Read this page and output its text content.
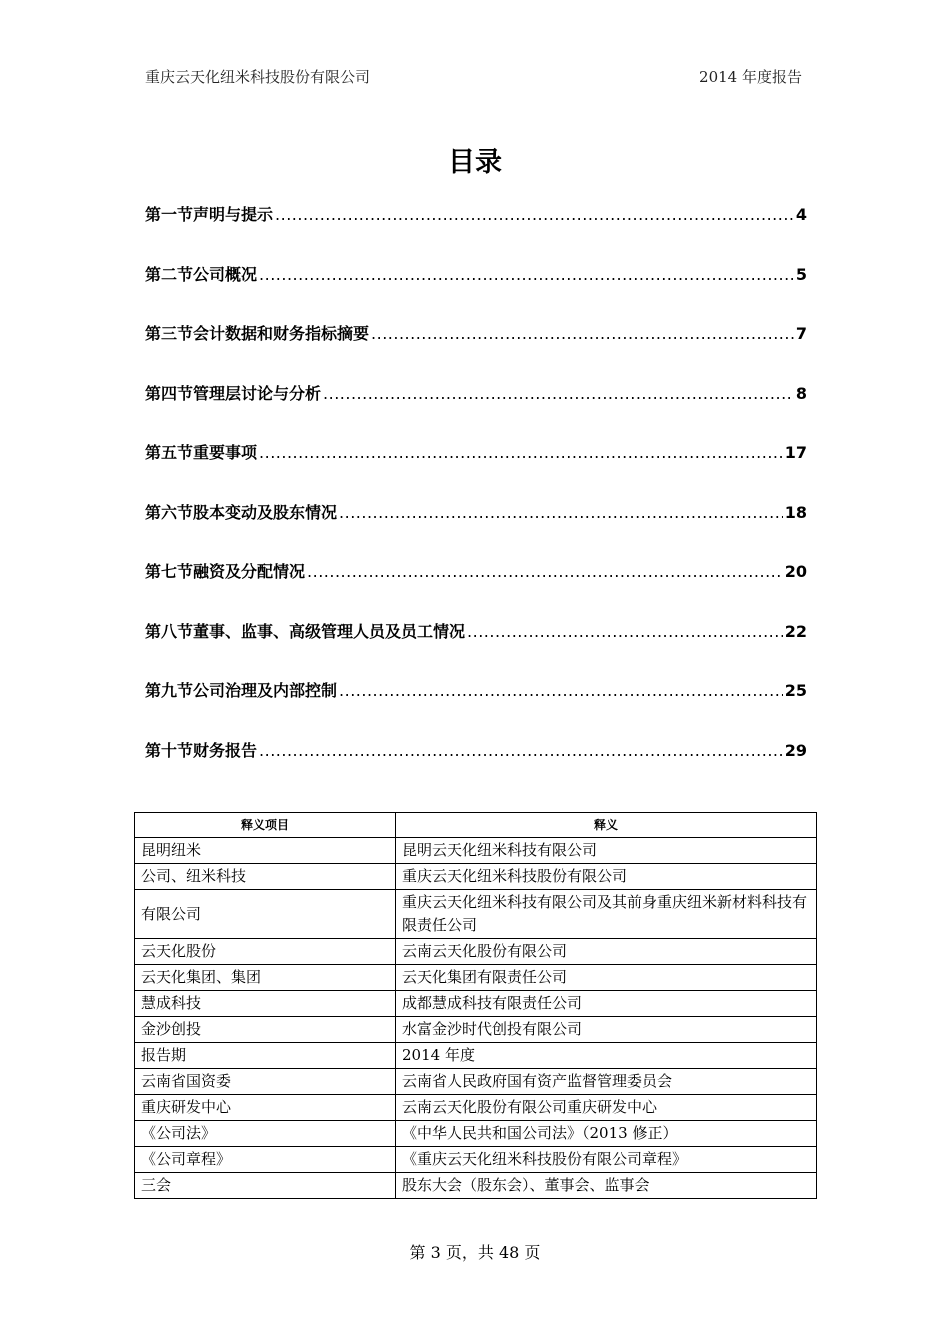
重庆云天化纽米科技股份有限公司	2014 年度报告
目录
第一节声明与提示 .....	4
第二节公司概况 .....	5
第三节会计数据和财务指标摘要 .....	7
第四节管理层讨论与分析 .....	8
第五节重要事项 .....	17
第六节股本变动及股东情况 .....	18
第七节融资及分配情况 .....	20
第八节董事、监事、高级管理人员及员工情况 .....	22
第九节公司治理及内部控制 .....	25
第十节财务报告 .....	29
释义项目	释义
昆明纽米	昆明云天化纽米科技有限公司
公司、纽米科技	重庆云天化纽米科技股份有限公司
有限公司	重庆云天化纽米科技有限公司及其前身重庆纽米新材料科技有限责任公司
云天化股份	云南云天化股份有限公司
云天化集团、集团	云天化集团有限责任公司
慧成科技	成都慧成科技有限责任公司
金沙创投	水富金沙时代创投有限公司
报告期	2014 年度
云南省国资委	云南省人民政府国有资产监督管理委员会
重庆研发中心	云南云天化股份有限公司重庆研发中心
《公司法》	《中华人民共和国公司法》（2013 修正）
《公司章程》	《重庆云天化纽米科技股份有限公司章程》
三会	股东大会（股东会）、董事会、监事会
第 3 页，共 48 页
